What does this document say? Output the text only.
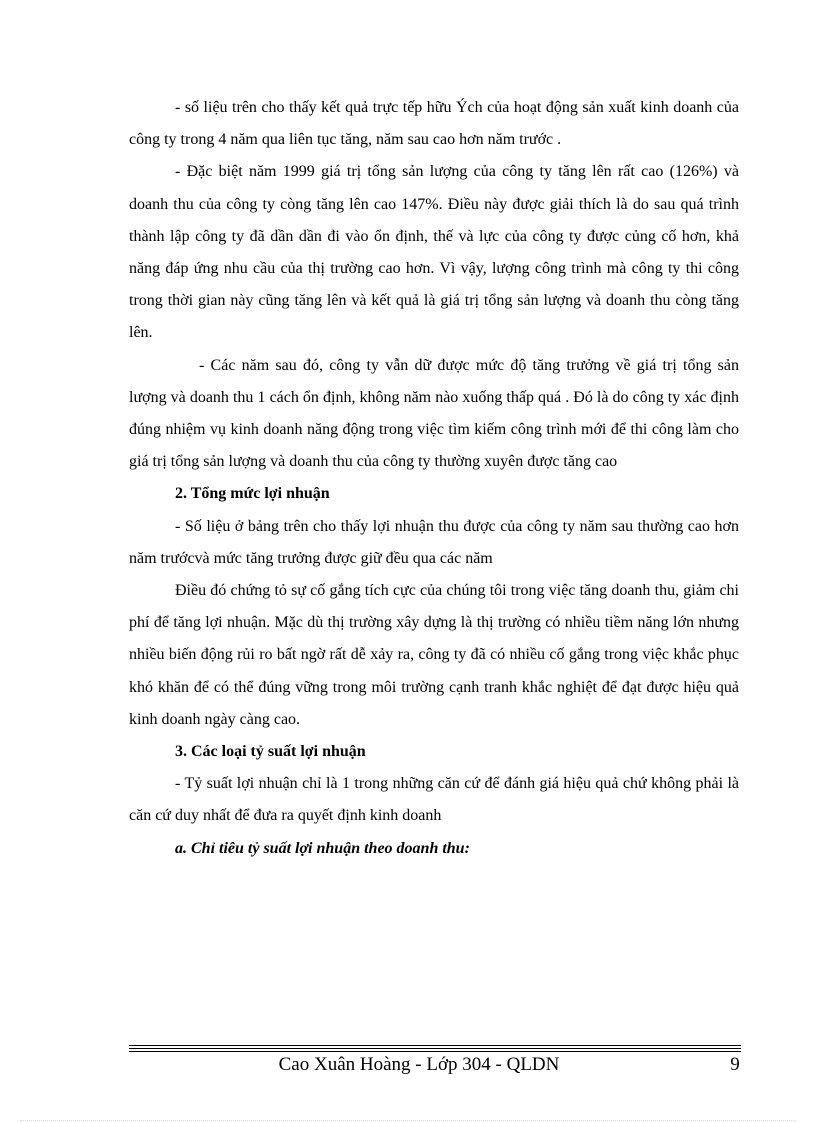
- số liệu trên cho thấy kết quả trực tếp hữu Ých của hoạt động sản xuất kinh doanh của công ty trong 4 năm qua liên tục tăng, năm sau cao hơn năm trước .

- Đặc biệt năm 1999 giá trị tổng sản lượng của công ty tăng lên rất cao (126%) và doanh thu của công ty còng tăng lên cao 147%. Điều này được giải thích là do sau quá trình thành lập công ty đã dần dần đi vào ổn định, thế và lực của công ty được củng cố hơn, khả năng đáp ứng nhu cầu của thị trường cao hơn. Vì vậy, lượng công trình mà công ty thi công trong thời gian này cũng tăng lên và kết quả là giá trị tổng sản lượng và doanh thu còng tăng lên.

- Các năm sau đó, công ty vẫn dữ được mức độ tăng trưởng về giá trị tổng sản lượng và doanh thu 1 cách ổn định, không năm nào xuống thấp quá . Đó là do công ty xác định đúng nhiệm vụ kinh doanh năng động trong việc tìm kiếm công trình mới để thi công làm cho giá trị tổng sản lượng và doanh thu của công ty thường xuyên được tăng cao

2. Tổng mức lợi nhuận

- Số liệu ở bảng trên cho thấy lợi nhuận thu được của công ty năm sau thường cao hơn năm trướcvà mức tăng trưởng được giữ đều qua các năm

Điều đó chứng tỏ sự cố gắng tích cực của chúng tôi trong việc tăng doanh thu, giảm chi phí để tăng lợi nhuận. Mặc dù thị trường xây dựng là thị trường có nhiều tiềm năng lớn nhưng nhiều biến động rủi ro bất ngờ rất dễ xảy ra, công ty đã có nhiều cố gắng trong việc khắc phục khó khăn để có thể đúng vững trong môi trường cạnh tranh khắc nghiệt để đạt được hiệu quả kinh doanh ngày càng cao.

3. Các loại tỷ suất lợi nhuận

- Tỷ suất lợi nhuận chỉ là 1 trong những căn cứ để đánh giá hiệu quả chứ không phải là căn cứ duy nhất để đưa ra quyết định kinh doanh

a. Chỉ tiêu tỷ suất lợi nhuận theo doanh thu:

Cao Xuân Hoàng - Lớp 304 - QLDN	9
